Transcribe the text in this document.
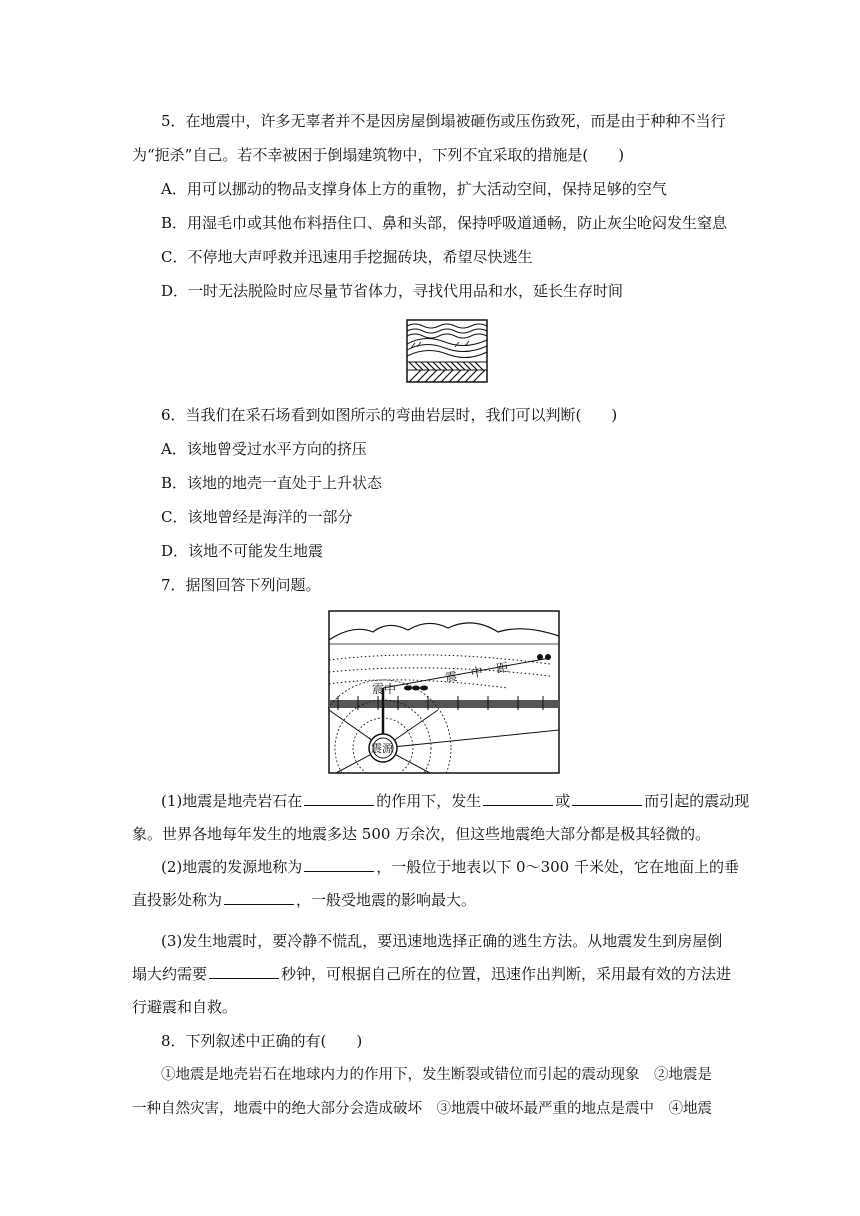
5．在地震中，许多无辜者并不是因房屋倒塌被砸伤或压伤致死，而是由于种种不当行
为“扼杀”自己。若不幸被困于倒塌建筑物中，下列不宜采取的措施是(　　)
A．用可以挪动的物品支撑身体上方的重物，扩大活动空间，保持足够的空气
B．用湿毛巾或其他布料捂住口、鼻和头部，保持呼吸道通畅，防止灰尘呛闷发生窒息
C．不停地大声呼救并迅速用手挖掘砖块，希望尽快逃生
D．一时无法脱险时应尽量节省体力，寻找代用品和水，延长生存时间
6．当我们在采石场看到如图所示的弯曲岩层时，我们可以判断(　　)
A．该地曾受过水平方向的挤压
B．该地的地壳一直处于上升状态
C．该地曾经是海洋的一部分
D．该地不可能发生地震
7．据图回答下列问题。
震中
震　中　距
震源
(1)地震是地壳岩石在	的作用下，发生	或	而引起的震动现
象。世界各地每年发生的地震多达 500 万余次，但这些地震绝大部分都是极其轻微的。
(2)地震的发源地称为	，一般位于地表以下 0～300 千米处，它在地面上的垂
直投影处称为	，一般受地震的影响最大。
(3)发生地震时，要冷静不慌乱，要迅速地选择正确的逃生方法。从地震发生到房屋倒
塌大约需要	秒钟，可根据自己所在的位置，迅速作出判断，采用最有效的方法进
行避震和自救。
8．下列叙述中正确的有(　　)
①地震是地壳岩石在地球内力的作用下，发生断裂或错位而引起的震动现象　②地震是
一种自然灾害，地震中的绝大部分会造成破坏　③地震中破坏最严重的地点是震中　④地震
